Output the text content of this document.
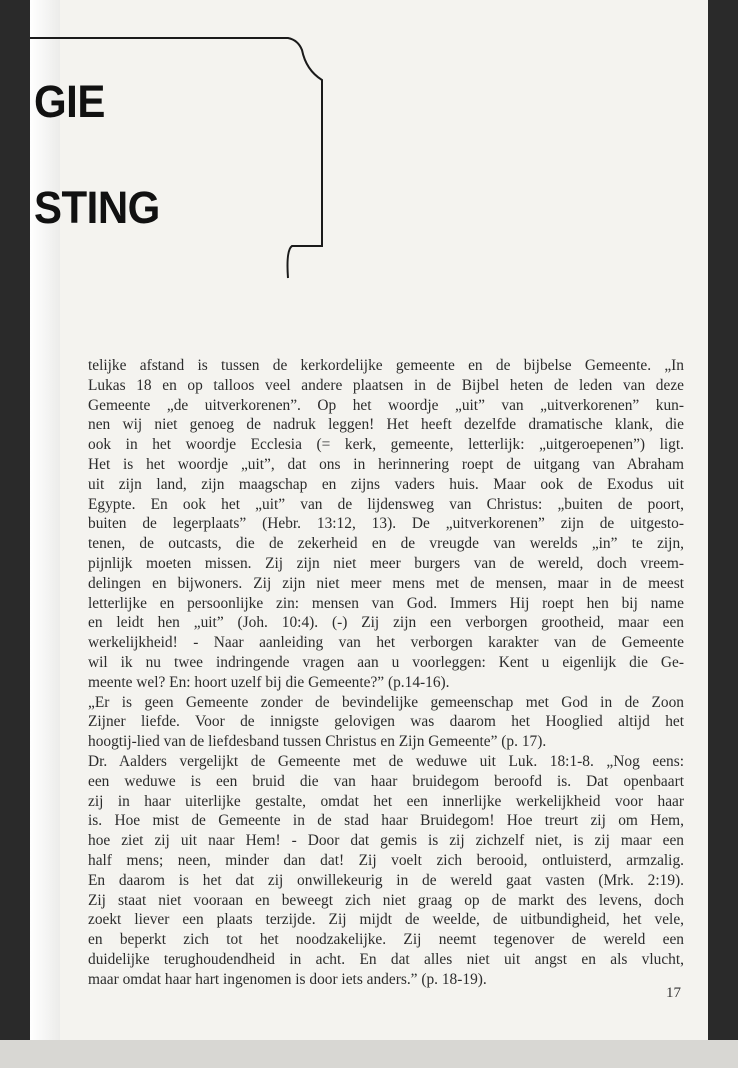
GIE
STING
telijke afstand is tussen de kerkordelijke gemeente en de bijbelse Gemeente. „In
Lukas 18 en op talloos veel andere plaatsen in de Bijbel heten de leden van deze
Gemeente „de uitverkorenen”. Op het woordje „uit” van „uitverkorenen” kun-
nen wij niet genoeg de nadruk leggen! Het heeft dezelfde dramatische klank, die
ook in het woordje Ecclesia (= kerk, gemeente, letterlijk: „uitgeroepenen”) ligt.
Het is het woordje „uit”, dat ons in herinnering roept de uitgang van Abraham
uit zijn land, zijn maagschap en zijns vaders huis. Maar ook de Exodus uit
Egypte. En ook het „uit” van de lijdensweg van Christus: „buiten de poort,
buiten de legerplaats” (Hebr. 13:12, 13). De „uitverkorenen” zijn de uitgesto-
tenen, de outcasts, die de zekerheid en de vreugde van werelds „in” te zijn,
pijnlijk moeten missen. Zij zijn niet meer burgers van de wereld, doch vreem-
delingen en bijwoners. Zij zijn niet meer mens met de mensen, maar in de meest
letterlijke en persoonlijke zin: mensen van God. Immers Hij roept hen bij name
en leidt hen „uit” (Joh. 10:4). (-) Zij zijn een verborgen grootheid, maar een
werkelijkheid! - Naar aanleiding van het verborgen karakter van de Gemeente
wil ik nu twee indringende vragen aan u voorleggen: Kent u eigenlijk die Ge-
meente wel? En: hoort uzelf bij die Gemeente?” (p.14-16).
„Er is geen Gemeente zonder de bevindelijke gemeenschap met God in de Zoon
Zijner liefde. Voor de innigste gelovigen was daarom het Hooglied altijd het
hoogtij-lied van de liefdesband tussen Christus en Zijn Gemeente” (p. 17).
Dr. Aalders vergelijkt de Gemeente met de weduwe uit Luk. 18:1-8. „Nog eens:
een weduwe is een bruid die van haar bruidegom beroofd is. Dat openbaart
zij in haar uiterlijke gestalte, omdat het een innerlijke werkelijkheid voor haar
is. Hoe mist de Gemeente in de stad haar Bruidegom! Hoe treurt zij om Hem,
hoe ziet zij uit naar Hem! - Door dat gemis is zij zichzelf niet, is zij maar een
half mens; neen, minder dan dat! Zij voelt zich berooid, ontluisterd, armzalig.
En daarom is het dat zij onwillekeurig in de wereld gaat vasten (Mrk. 2:19).
Zij staat niet vooraan en beweegt zich niet graag op de markt des levens, doch
zoekt liever een plaats terzijde. Zij mijdt de weelde, de uitbundigheid, het vele,
en beperkt zich tot het noodzakelijke. Zij neemt tegenover de wereld een
duidelijke terughoudendheid in acht. En dat alles niet uit angst en als vlucht,
maar omdat haar hart ingenomen is door iets anders.” (p. 18-19).
17
